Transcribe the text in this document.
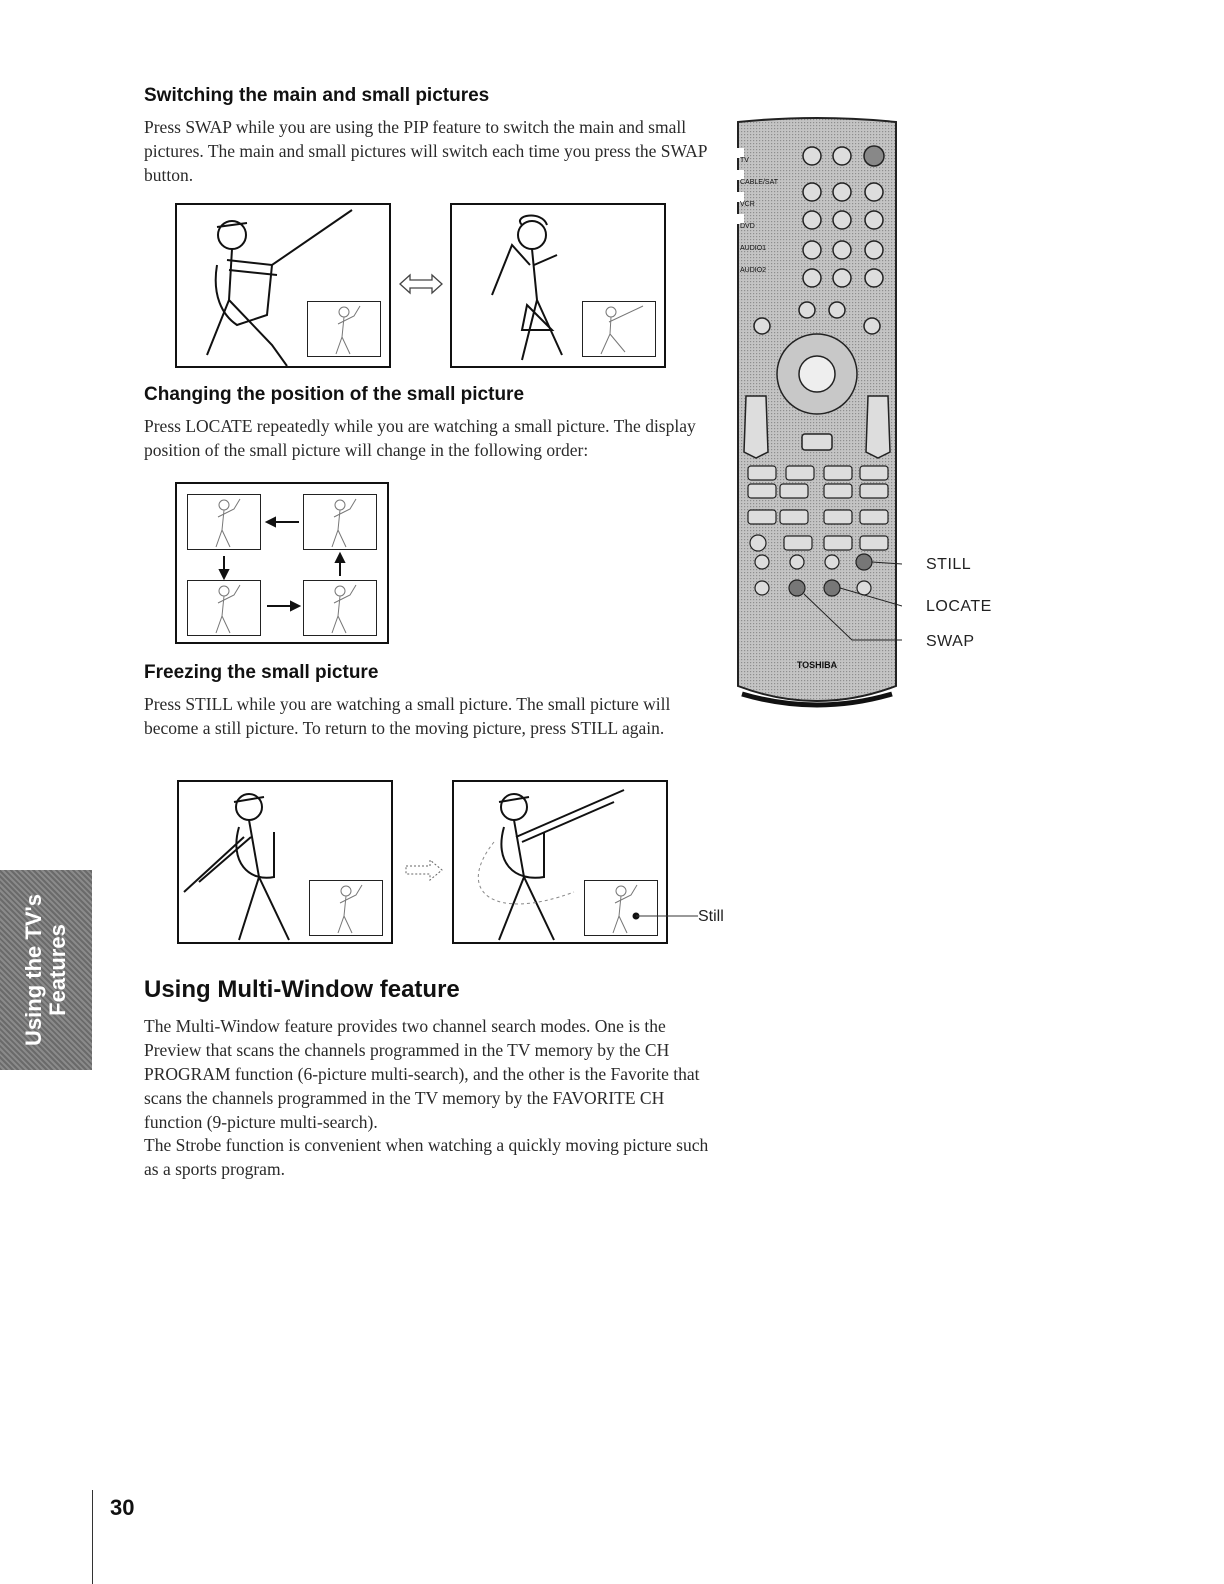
Switching the main and small pictures

Press SWAP while you are using the PIP feature to switch the main and small pictures. The main and small pictures will switch each time you press the SWAP button.

Changing the position of the small picture

Press LOCATE repeatedly while you are watching a small picture. The display position of the small picture will change in the following order:

Freezing the small picture

Press STILL while you are watching a small picture. The small picture will become a still picture. To return to the moving picture, press STILL again.

Still
Using Multi-Window feature

The Multi-Window feature provides two channel search modes. One is the Preview that scans the channels programmed in the TV memory by the CH PROGRAM function (6-picture multi-search), and the other is the Favorite that scans the channels programmed in the TV memory by the FAVORITE CH function (9-picture multi-search).

The Strobe function is convenient when watching a quickly moving picture such as a sports program.

TOSHIBA
TV
CABLE/SAT
VCR
DVD
AUDIO1
AUDIO2
STILL
LOCATE
SWAP
Using the TV's Features
30
